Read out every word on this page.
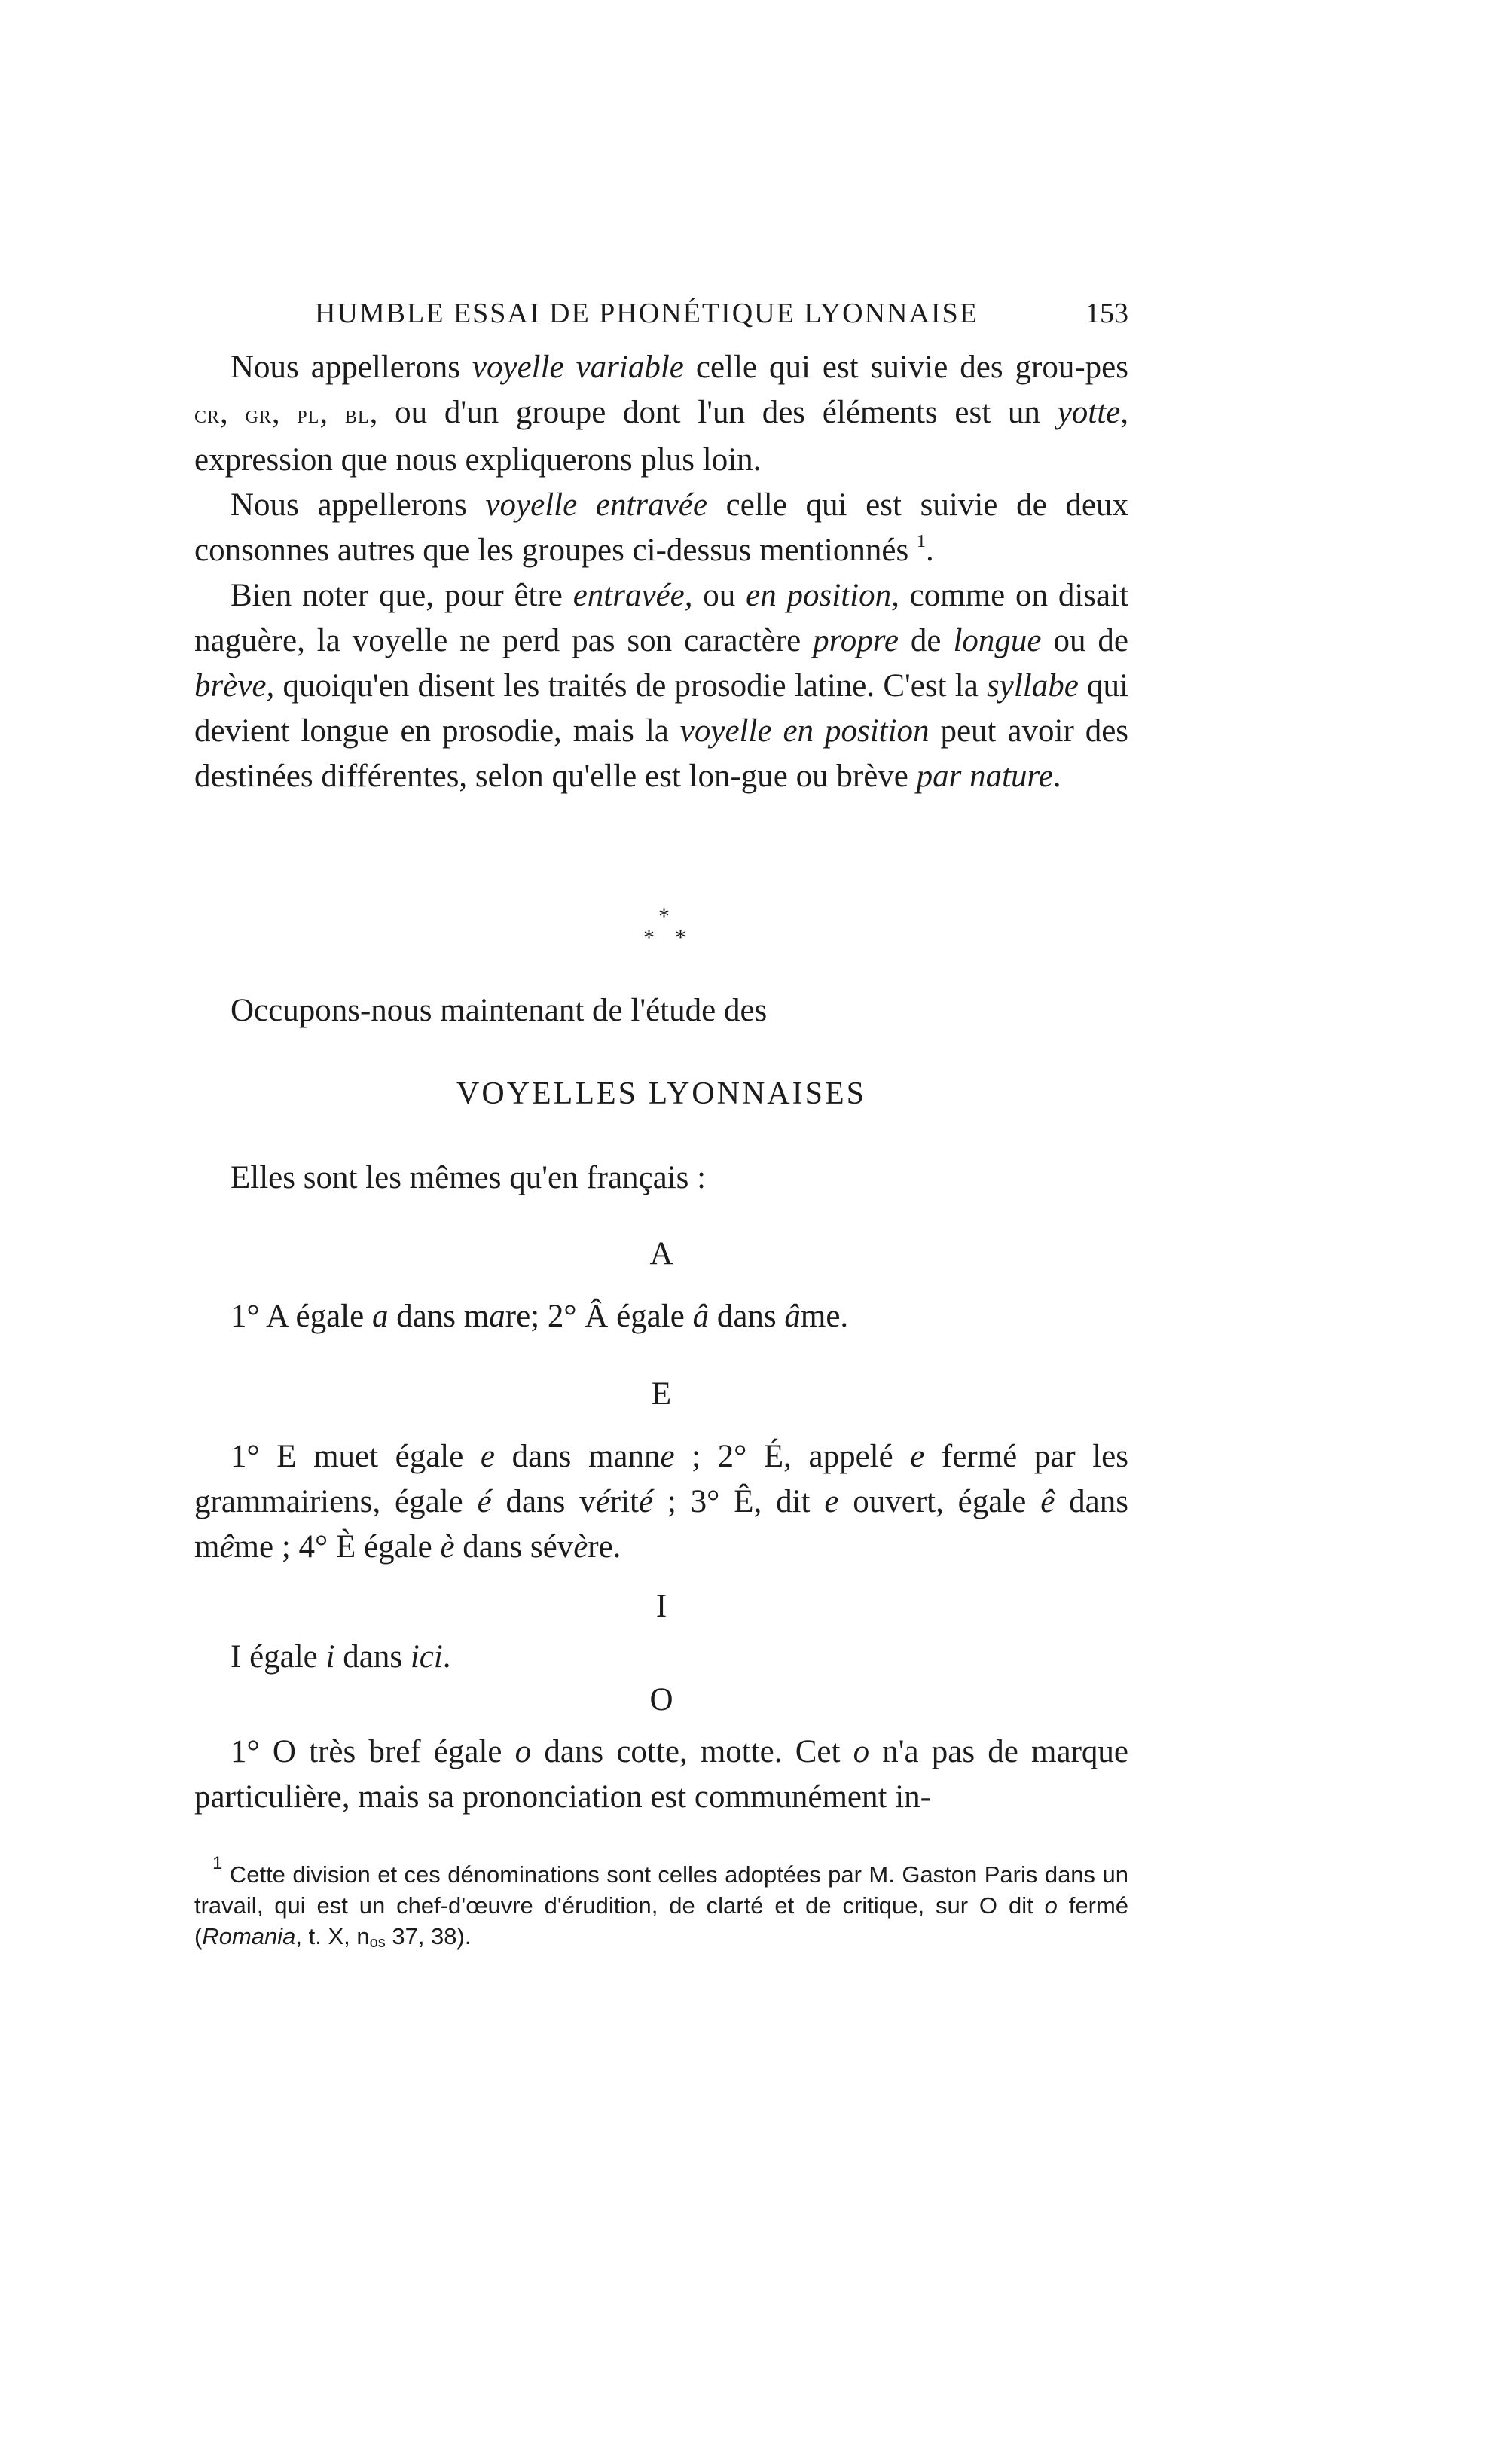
HUMBLE ESSAI DE PHONÉTIQUE LYONNAISE	153

Nous appellerons voyelle variable celle qui est suivie des grou-pes cr, gr, pl, bl, ou d'un groupe dont l'un des éléments est un yotte, expression que nous expliquerons plus loin.

Nous appellerons voyelle entravée celle qui est suivie de deux consonnes autres que les groupes ci-dessus mentionnés $^1$.

Bien noter que, pour être entravée, ou en position, comme on disait naguère, la voyelle ne perd pas son caractère propre de longue ou de brève, quoiqu'en disent les traités de prosodie latine. C'est la syllabe qui devient longue en prosodie, mais la voyelle en position peut avoir des destinées différentes, selon qu'elle est lon-gue ou brève par nature.

*
* *

Occupons-nous maintenant de l'étude des

VOYELLES LYONNAISES

Elles sont les mêmes qu'en français :

A

1° A égale a dans mare; 2° Â égale â dans âme.

E

1° E muet égale e dans manne ; 2° É, appelé e fermé par les grammairiens, égale é dans vérité ; 3° Ê, dit e ouvert, égale ê dans même ; 4° È égale è dans sévère.

I

I égale i dans ici.

O

1° O très bref égale o dans cotte, motte. Cet o n'a pas de marque particulière, mais sa prononciation est communément in-

$^1$ Cette division et ces dénominations sont celles adoptées par M. Gaston Paris dans un travail, qui est un chef-d'œuvre d'érudition, de clarté et de critique, sur O dit o fermé (Romania, t. X, $n_{os}$ 37, 38).
